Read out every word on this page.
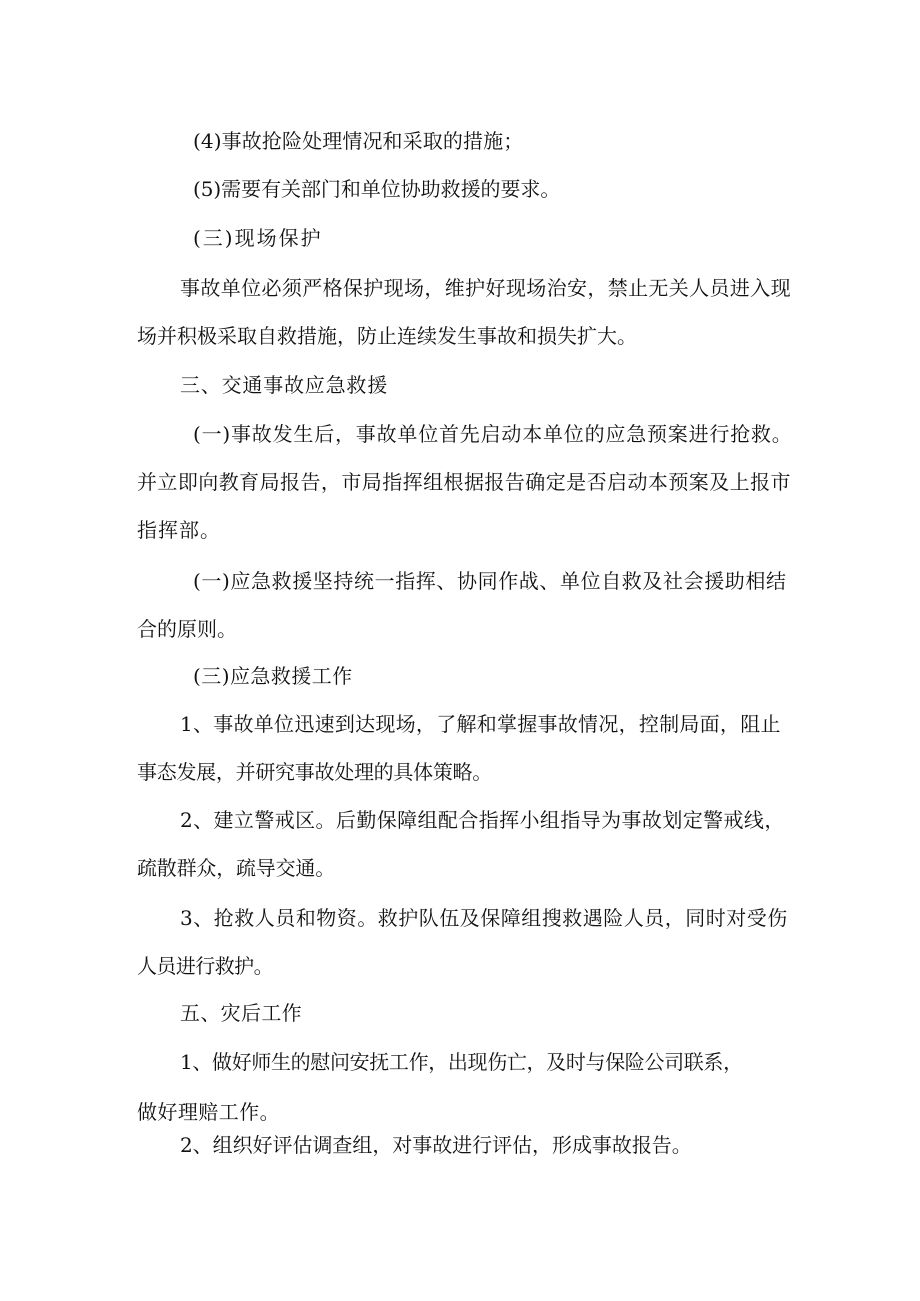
(4)事故抢险处理情况和采取的措施；
(5)需要有关部门和单位协助救援的要求。
(三)现场保护
事故单位必须严格保护现场，维护好现场治安，禁止无关人员进入现
场并积极采取自救措施，防止连续发生事故和损失扩大。
三、交通事故应急救援
(一)事故发生后，事故单位首先启动本单位的应急预案进行抢救。
并立即向教育局报告，市局指挥组根据报告确定是否启动本预案及上报市
指挥部。
(一)应急救援坚持统一指挥、协同作战、单位自救及社会援助相结
合的原则。
(三)应急救援工作
1、事故单位迅速到达现场，了解和掌握事故情况，控制局面，阻止
事态发展，并研究事故处理的具体策略。
2、建立警戒区。后勤保障组配合指挥小组指导为事故划定警戒线，
疏散群众，疏导交通。
3、抢救人员和物资。救护队伍及保障组搜救遇险人员，同时对受伤
人员进行救护。
五、灾后工作
1、做好师生的慰问安抚工作，出现伤亡，及时与保险公司联系，
做好理赔工作。
2、组织好评估调查组，对事故进行评估，形成事故报告。
